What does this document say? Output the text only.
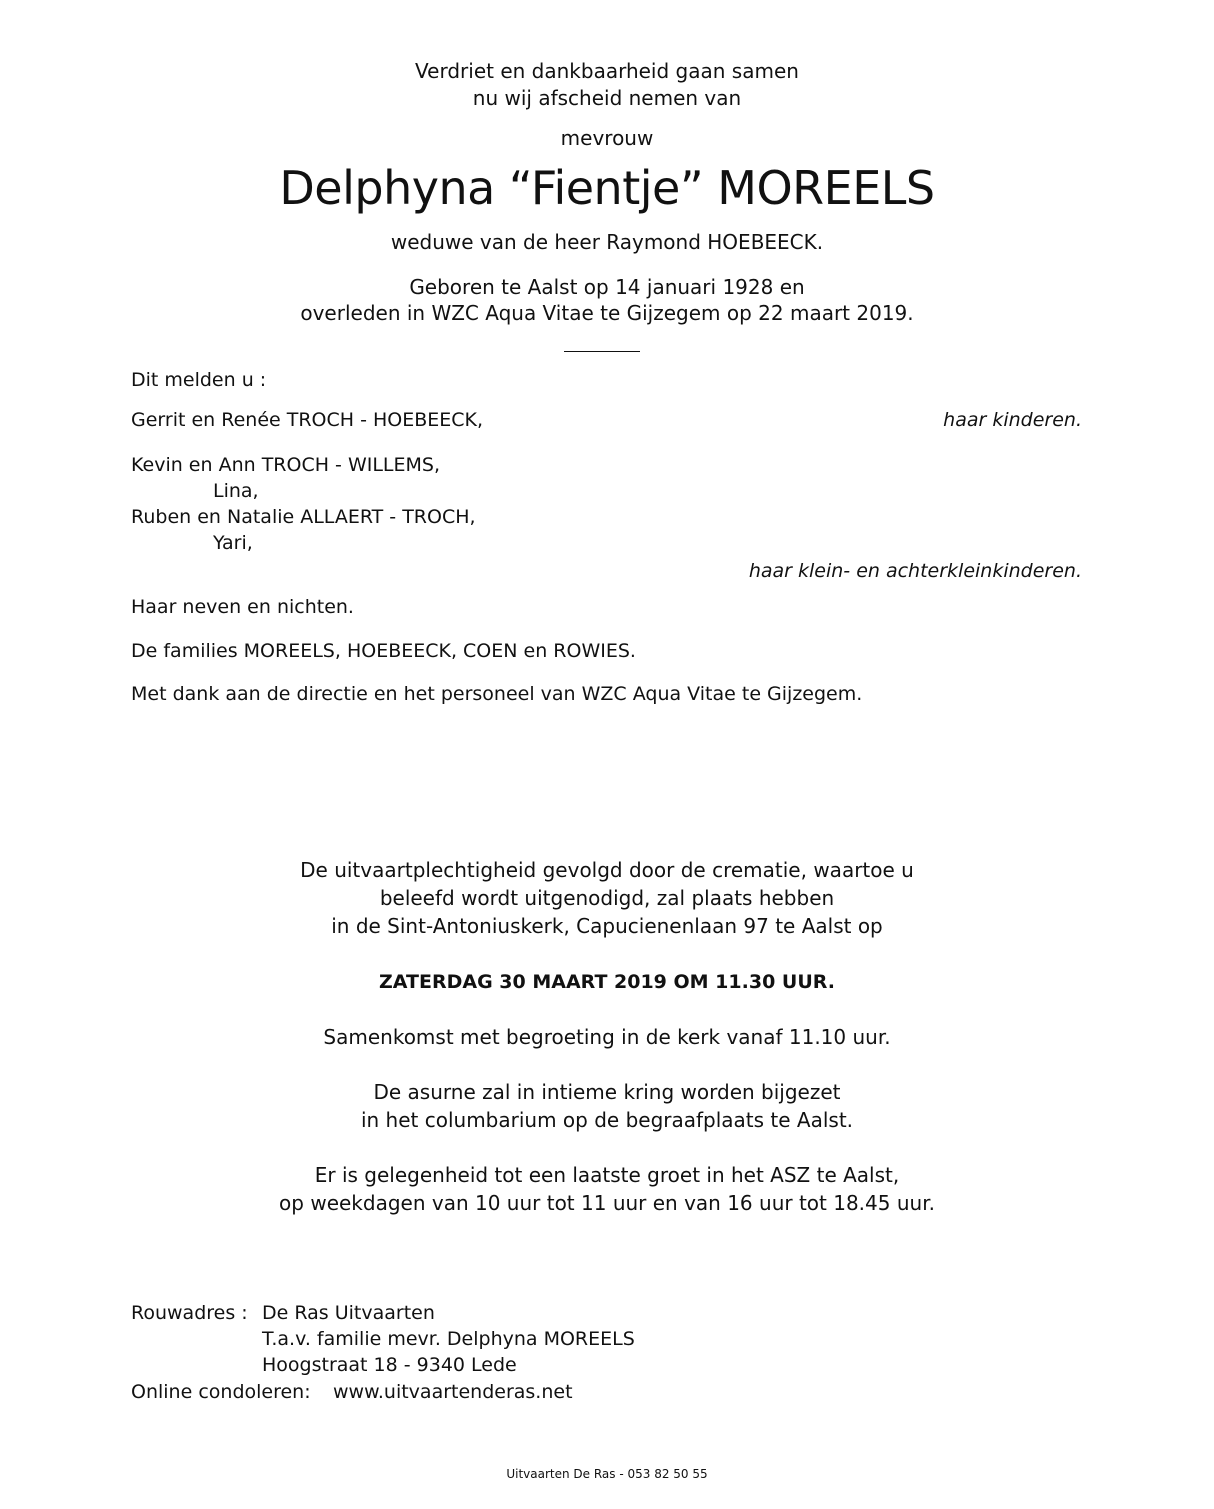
Verdriet en dankbaarheid gaan samen
nu wij afscheid nemen van
mevrouw
Delphyna “Fientje” MOREELS
weduwe van de heer Raymond HOEBEECK.
Geboren te Aalst op 14 januari 1928 en
overleden in WZC Aqua Vitae te Gijzegem op 22 maart 2019.
Dit melden u :
Gerrit en Renée TROCH - HOEBEECK,	haar kinderen.
Kevin en Ann TROCH - WILLEMS,
Lina,
Ruben en Natalie ALLAERT - TROCH,
Yari,
haar klein- en achterkleinkinderen.
Haar neven en nichten.
De families MOREELS, HOEBEECK, COEN en ROWIES.
Met dank aan de directie en het personeel van WZC Aqua Vitae te Gijzegem.
De uitvaartplechtigheid gevolgd door de crematie, waartoe u
beleefd wordt uitgenodigd, zal plaats hebben
in de Sint-Antoniuskerk, Capucienenlaan 97 te Aalst op
ZATERDAG 30 MAART 2019 OM 11.30 UUR.
Samenkomst met begroeting in de kerk vanaf 11.10 uur.
De asurne zal in intieme kring worden bijgezet
in het columbarium op de begraafplaats te Aalst.
Er is gelegenheid tot een laatste groet in het ASZ te Aalst,
op weekdagen van 10 uur tot 11 uur en van 16 uur tot 18.45 uur.
Rouwadres : De Ras Uitvaarten
T.a.v. familie mevr. Delphyna MOREELS
Hoogstraat 18 - 9340 Lede
Online condoleren: www.uitvaartenderas.net
Uitvaarten De Ras - 053 82 50 55
